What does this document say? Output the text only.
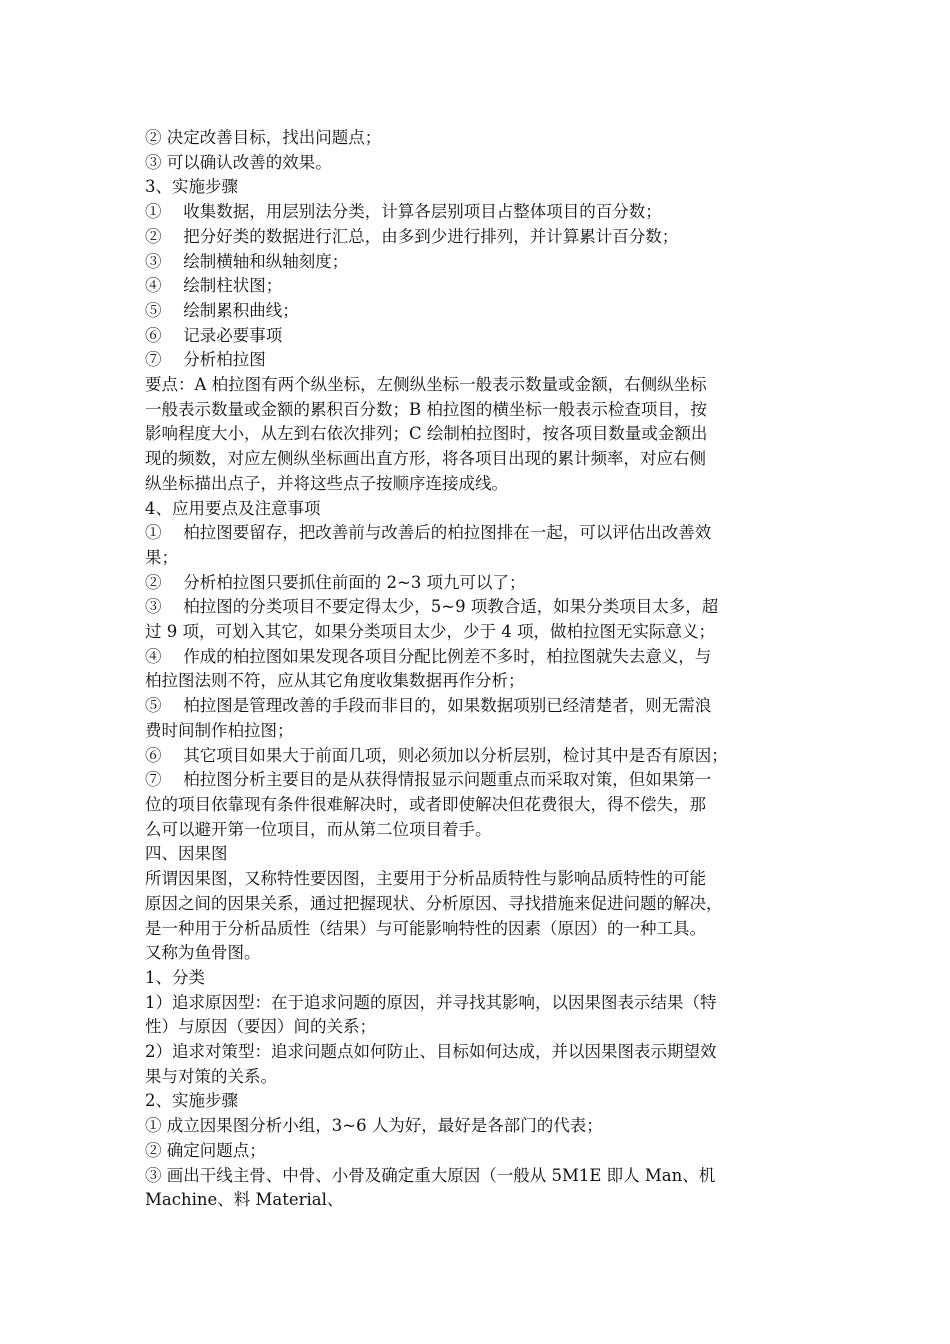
② 决定改善目标，找出问题点；

③ 可以确认改善的效果。

3、实施步骤

①　 收集数据，用层别法分类，计算各层别项目占整体项目的百分数；

②　 把分好类的数据进行汇总，由多到少进行排列，并计算累计百分数；

③　 绘制横轴和纵轴刻度；

④　 绘制柱状图；

⑤　 绘制累积曲线；

⑥　 记录必要事项

⑦　 分析柏拉图

要点：A 柏拉图有两个纵坐标，左侧纵坐标一般表示数量或金额，右侧纵坐标

一般表示数量或金额的累积百分数；B 柏拉图的横坐标一般表示检查项目，按

影响程度大小，从左到右依次排列；C 绘制柏拉图时，按各项目数量或金额出

现的频数，对应左侧纵坐标画出直方形，将各项目出现的累计频率，对应右侧

纵坐标描出点子，并将这些点子按顺序连接成线。

4、应用要点及注意事项

①　 柏拉图要留存，把改善前与改善后的柏拉图排在一起，可以评估出改善效

果；

②　 分析柏拉图只要抓住前面的 2~3 项九可以了；

③　 柏拉图的分类项目不要定得太少，5~9 项教合适，如果分类项目太多，超

过 9 项，可划入其它，如果分类项目太少，少于 4 项，做柏拉图无实际意义；

④　 作成的柏拉图如果发现各项目分配比例差不多时，柏拉图就失去意义，与

柏拉图法则不符，应从其它角度收集数据再作分析；

⑤　 柏拉图是管理改善的手段而非目的，如果数据项别已经清楚者，则无需浪

费时间制作柏拉图；

⑥　 其它项目如果大于前面几项，则必须加以分析层别，检讨其中是否有原因；

⑦　 柏拉图分析主要目的是从获得情报显示问题重点而采取对策，但如果第一

位的项目依靠现有条件很难解决时，或者即使解决但花费很大，得不偿失，那

么可以避开第一位项目，而从第二位项目着手。

四、因果图

所谓因果图，又称特性要因图，主要用于分析品质特性与影响品质特性的可能

原因之间的因果关系，通过把握现状、分析原因、寻找措施来促进问题的解决，

是一种用于分析品质性（结果）与可能影响特性的因素（原因）的一种工具。

又称为鱼骨图。

1、分类

1）追求原因型：在于追求问题的原因，并寻找其影响，以因果图表示结果（特

性）与原因（要因）间的关系；

2）追求对策型：追求问题点如何防止、目标如何达成，并以因果图表示期望效

果与对策的关系。

2、实施步骤

① 成立因果图分析小组，3~6 人为好，最好是各部门的代表；

② 确定问题点；

③ 画出干线主骨、中骨、小骨及确定重大原因（一般从 5M1E 即人 Man、机

Machine、料 Material、
